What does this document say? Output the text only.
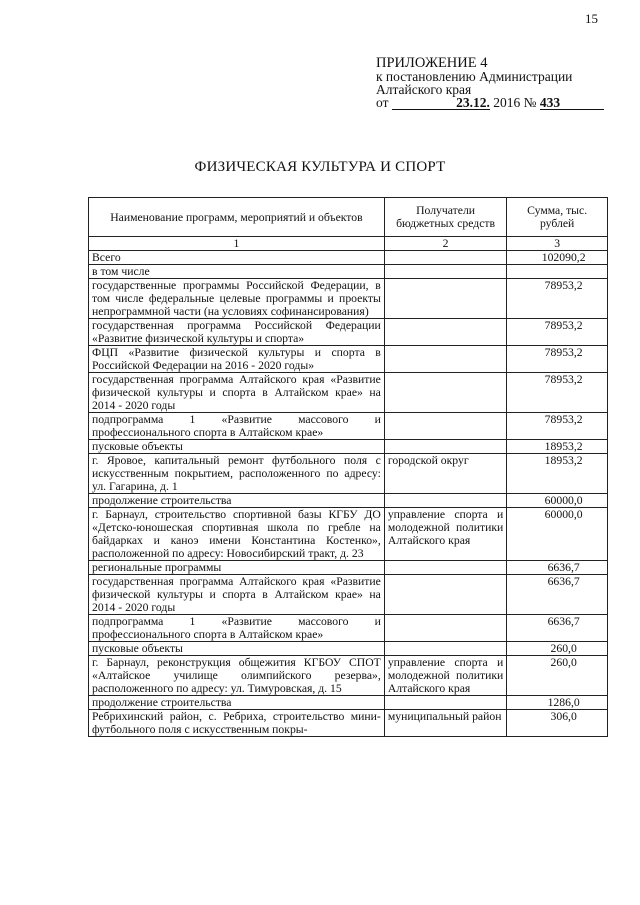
15
ПРИЛОЖЕНИЕ 4
к постановлению Администрации
Алтайского края
от	23.12. 2016 № 433
ФИЗИЧЕСКАЯ КУЛЬТУРА И СПОРТ
Наименование программ, мероприятий и объектов	Получатели бюджетных средств	Сумма, тыс. рублей
1	2	3
Всего		102090,2
в том числе		
государственные программы Российской Федерации, в том числе федеральные целевые программы и проекты непрограммной части (на условиях софинансирования)		78953,2
государственная программа Российской Федерации «Развитие физической культуры и спорта»		78953,2
ФЦП «Развитие физической культуры и спорта в Российской Федерации на 2016 - 2020 годы»		78953,2
государственная программа Алтайского края «Развитие физической культуры и спорта в Алтайском крае» на 2014 - 2020 годы		78953,2
подпрограмма 1 «Развитие массового и профессионального спорта в Алтайском крае»		78953,2
пусковые объекты		18953,2
г. Яровое, капитальный ремонт футбольного поля с искусственным покрытием, расположенного по адресу: ул. Гагарина, д. 1	городской округ	18953,2
продолжение строительства		60000,0
г. Барнаул, строительство спортивной базы КГБУ ДО «Детско-юношеская спортивная школа по гребле на байдарках и каноэ имени Константина Костенко», расположенной по адресу: Новосибирский тракт, д. 23	управление спорта и молодежной политики Алтайского края	60000,0
региональные программы		6636,7
государственная программа Алтайского края «Развитие физической культуры и спорта в Алтайском крае» на 2014 - 2020 годы		6636,7
подпрограмма 1 «Развитие массового и профессионального спорта в Алтайском крае»		6636,7
пусковые объекты		260,0
г. Барнаул, реконструкция общежития КГБОУ СПОТ «Алтайское училище олимпийского резерва», расположенного по адресу: ул. Тимуровская, д. 15	управление спорта и молодежной политики Алтайского края	260,0
продолжение строительства		1286,0
Ребрихинский район, с. Ребриха, строительство мини-футбольного поля с искусственным покры-	муниципальный район	306,0
